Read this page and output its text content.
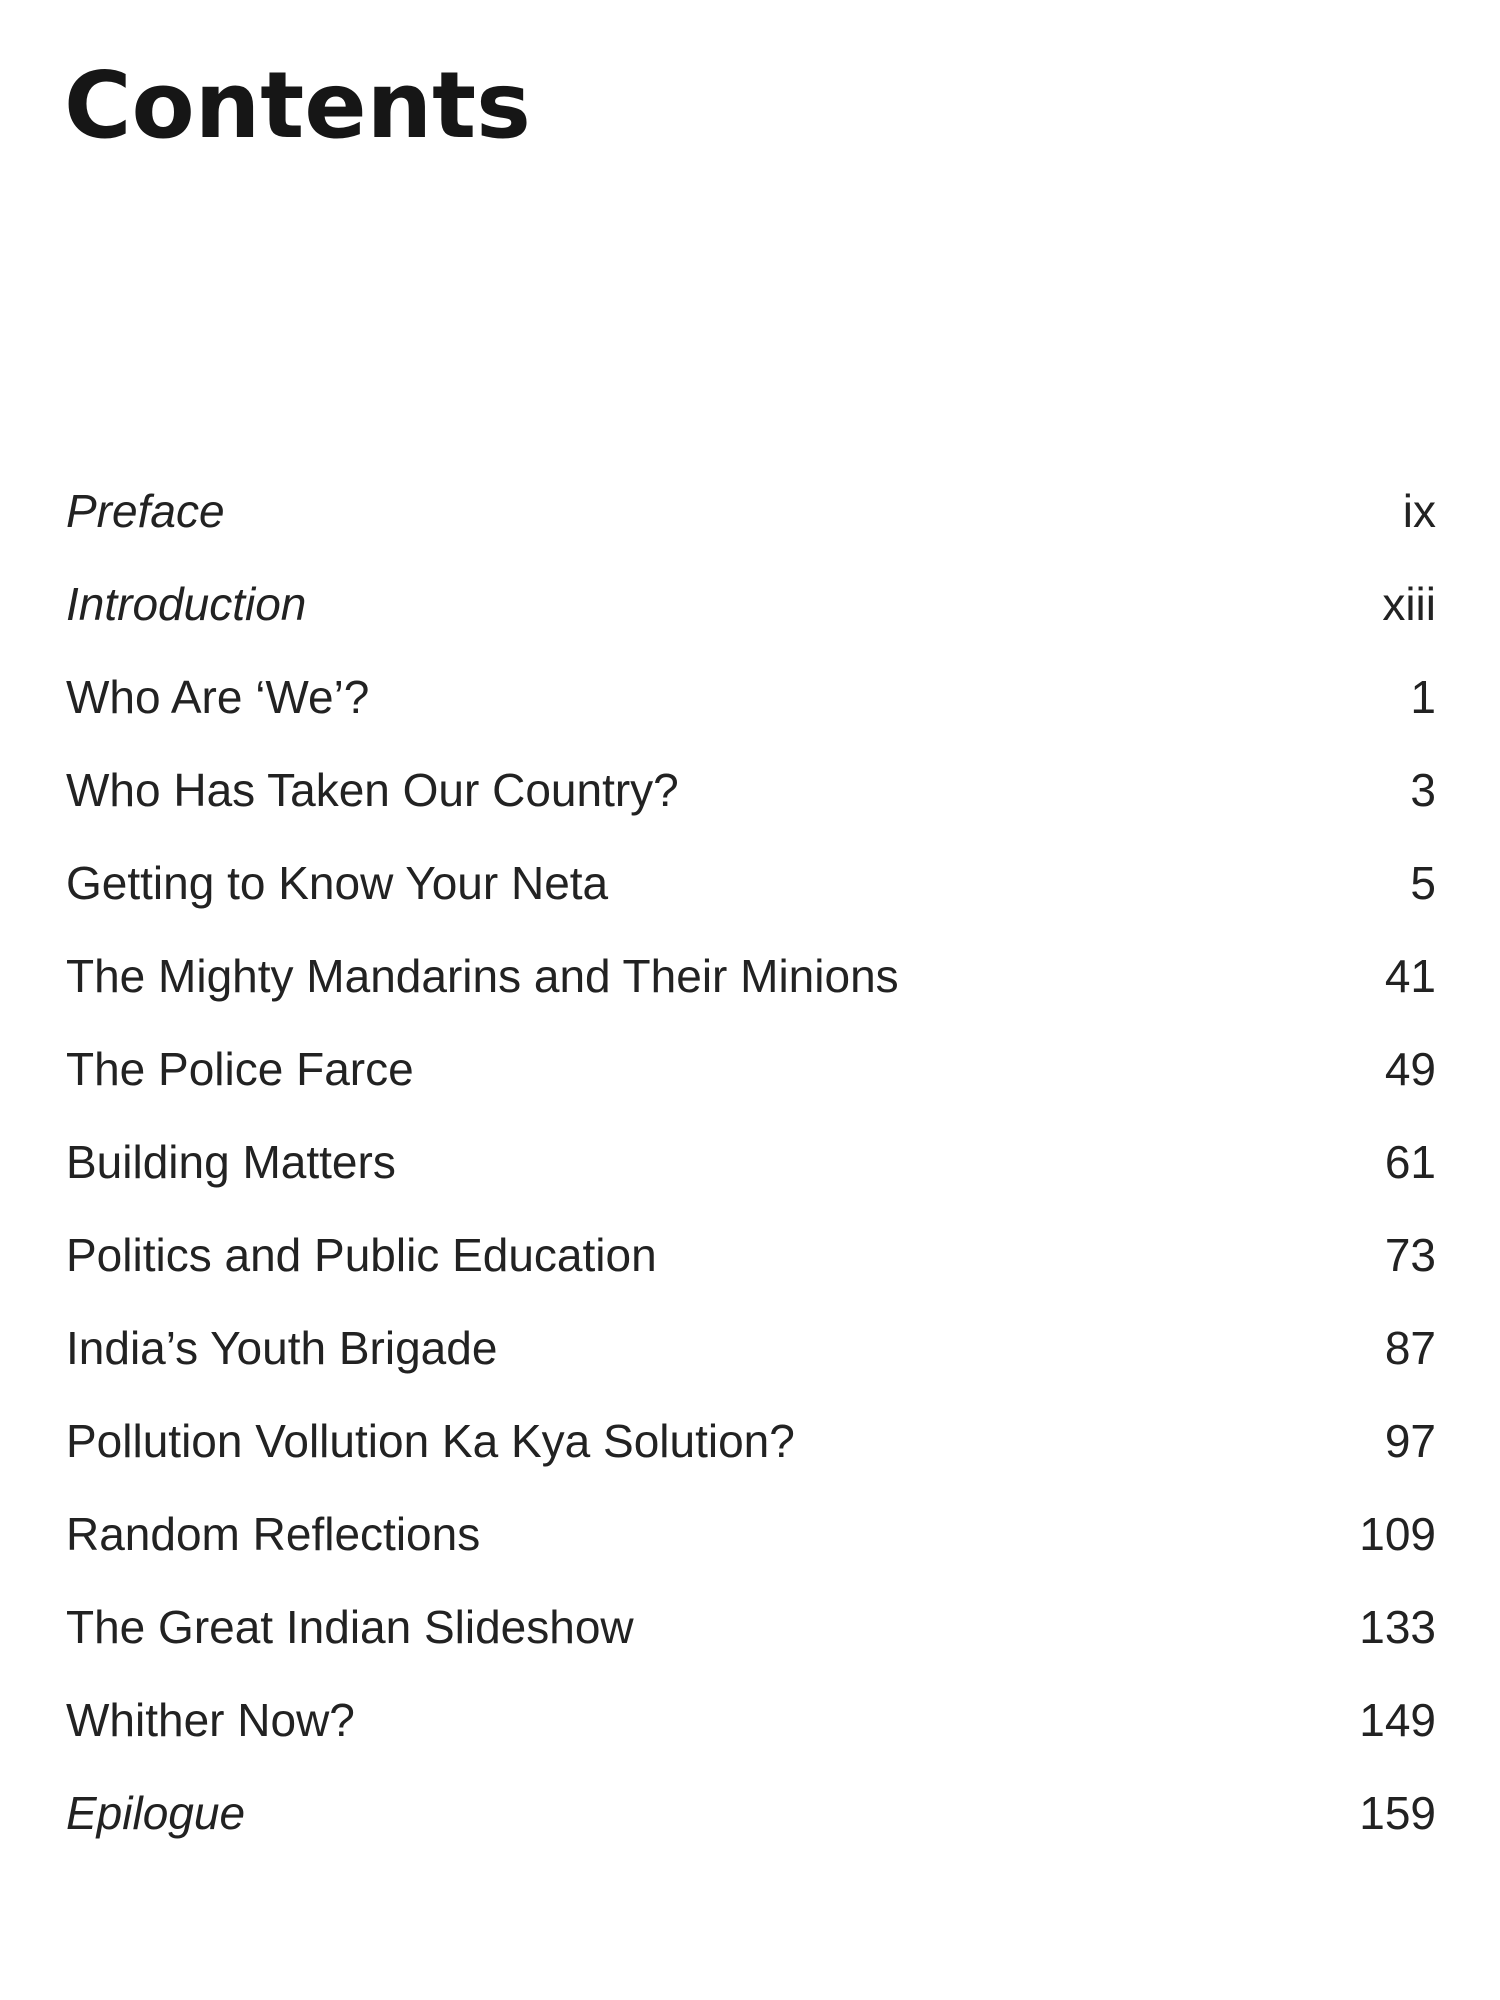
Contents
Preface	ix
Introduction	xiii
Who Are ‘We’?	1
Who Has Taken Our Country?	3
Getting to Know Your Neta	5
The Mighty Mandarins and Their Minions	41
The Police Farce	49
Building Matters	61
Politics and Public Education	73
India’s Youth Brigade	87
Pollution Vollution Ka Kya Solution?	97
Random Reflections	109
The Great Indian Slideshow	133
Whither Now?	149
Epilogue	159
